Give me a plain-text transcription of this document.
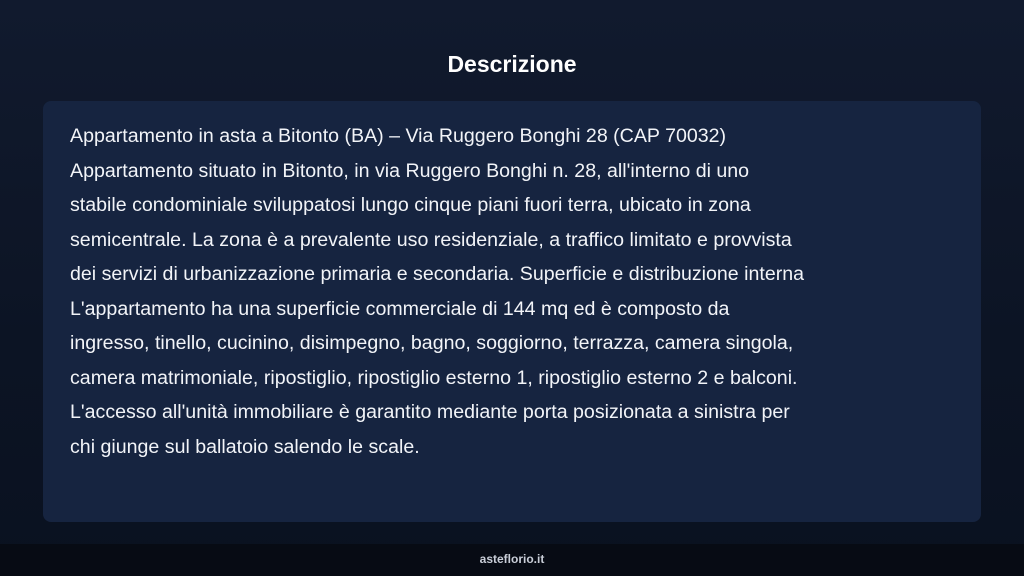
Descrizione

Appartamento in asta a Bitonto (BA) – Via Ruggero Bonghi 28 (CAP 70032)
Appartamento situato in Bitonto, in via Ruggero Bonghi n. 28, all'interno di uno
stabile condominiale sviluppatosi lungo cinque piani fuori terra, ubicato in zona
semicentrale. La zona è a prevalente uso residenziale, a traffico limitato e provvista
dei servizi di urbanizzazione primaria e secondaria. Superficie e distribuzione interna
L'appartamento ha una superficie commerciale di 144 mq ed è composto da
ingresso, tinello, cucinino, disimpegno, bagno, soggiorno, terrazza, camera singola,
camera matrimoniale, ripostiglio, ripostiglio esterno 1, ripostiglio esterno 2 e balconi.
L'accesso all'unità immobiliare è garantito mediante porta posizionata a sinistra per
chi giunge sul ballatoio salendo le scale.

asteflorio.it
